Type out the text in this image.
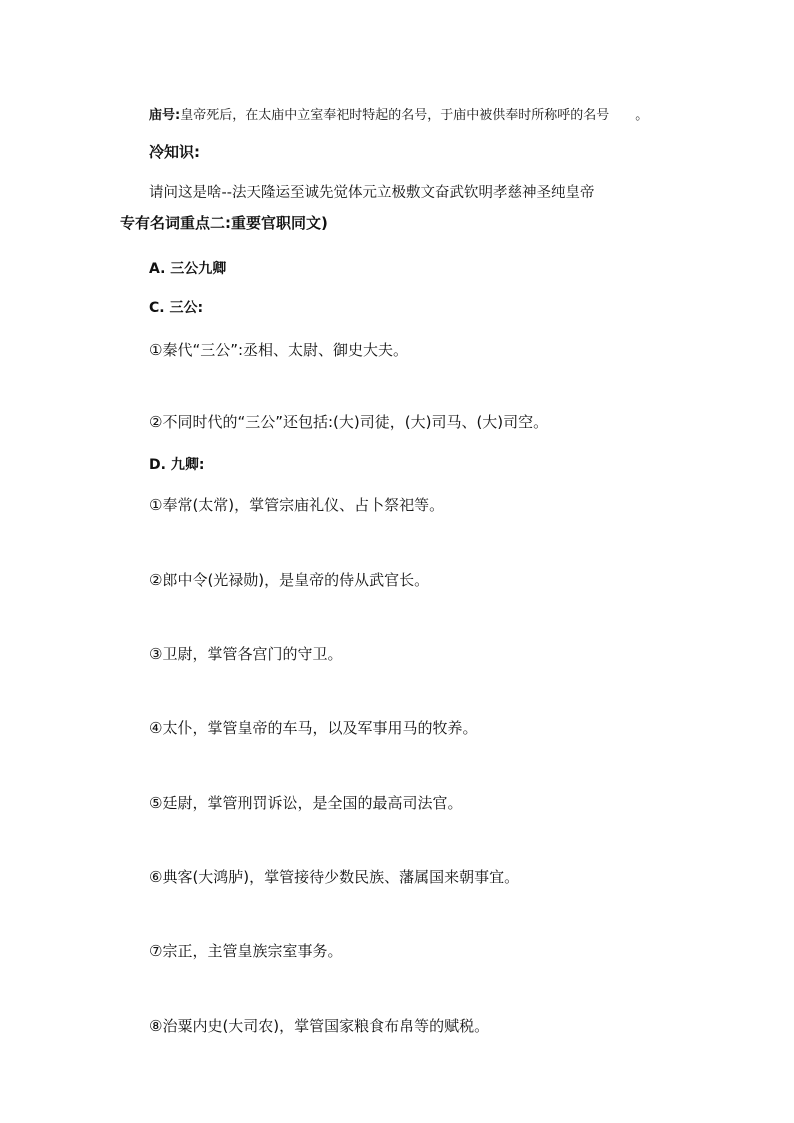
庙号:皇帝死后，在太庙中立室奉祀时特起的名号，于庙中被供奉时所称呼的名号 。

冷知识:

请问这是啥--法天隆运至诚先觉体元立极敷文奋武钦明孝慈神圣纯皇帝

专有名词重点二:重要官职同文)

A. 三公九卿

C. 三公:

①秦代“三公”:丞相、太尉、御史大夫。

②不同时代的“三公”还包括:(大)司徒，(大)司马、(大)司空。

D. 九卿:

①奉常(太常)，掌管宗庙礼仪、占卜祭祀等。

②郎中令(光禄勋)，是皇帝的侍从武官长。

③卫尉，掌管各宫门的守卫。

④太仆，掌管皇帝的车马，以及军事用马的牧养。

⑤廷尉，掌管刑罚诉讼，是全国的最高司法官。

⑥典客(大鸿胪)，掌管接待少数民族、藩属国来朝事宜。

⑦宗正，主管皇族宗室事务。

⑧治粟内史(大司农)，掌管国家粮食布帛等的赋税。
